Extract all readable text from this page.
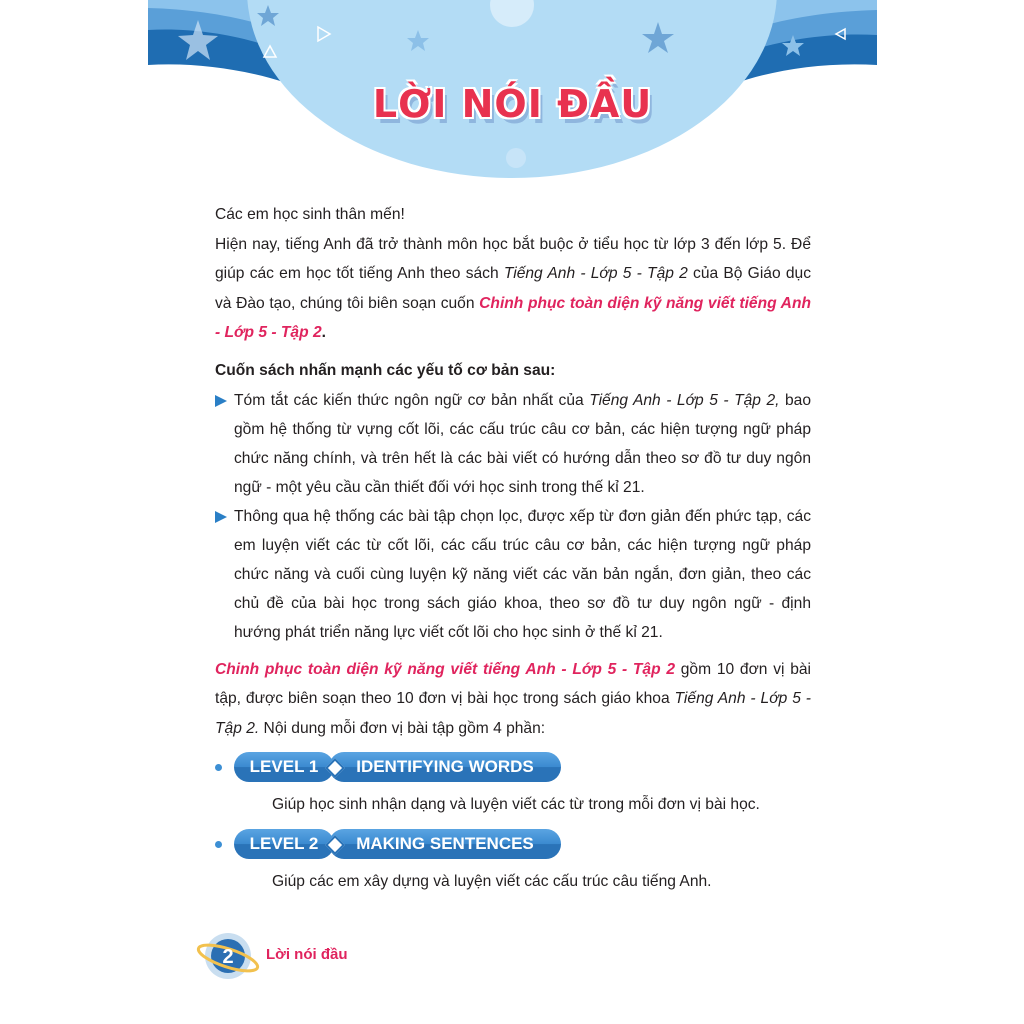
LỜI NÓI ĐẦU

Các em học sinh thân mến!

Hiện nay, tiếng Anh đã trở thành môn học bắt buộc ở tiểu học từ lớp 3 đến lớp 5. Để giúp các em học tốt tiếng Anh theo sách Tiếng Anh - Lớp 5 - Tập 2 của Bộ Giáo dục và Đào tạo, chúng tôi biên soạn cuốn Chinh phục toàn diện kỹ năng viết tiếng Anh - Lớp 5 - Tập 2.

Cuốn sách nhấn mạnh các yếu tố cơ bản sau:

Tóm tắt các kiến thức ngôn ngữ cơ bản nhất của Tiếng Anh - Lớp 5 - Tập 2, bao gồm hệ thống từ vựng cốt lõi, các cấu trúc câu cơ bản, các hiện tượng ngữ pháp chức năng chính, và trên hết là các bài viết có hướng dẫn theo sơ đồ tư duy ngôn ngữ - một yêu cầu cần thiết đối với học sinh trong thế kỉ 21.

Thông qua hệ thống các bài tập chọn lọc, được xếp từ đơn giản đến phức tạp, các em luyện viết các từ cốt lõi, các cấu trúc câu cơ bản, các hiện tượng ngữ pháp chức năng và cuối cùng luyện kỹ năng viết các văn bản ngắn, đơn giản, theo các chủ đề của bài học trong sách giáo khoa, theo sơ đồ tư duy ngôn ngữ - định hướng phát triển năng lực viết cốt lõi cho học sinh ở thế kỉ 21.

Chinh phục toàn diện kỹ năng viết tiếng Anh - Lớp 5 - Tập 2 gồm 10 đơn vị bài tập, được biên soạn theo 10 đơn vị bài học trong sách giáo khoa Tiếng Anh - Lớp 5 - Tập 2. Nội dung mỗi đơn vị bài tập gồm 4 phần:

LEVEL 1	IDENTIFYING WORDS

Giúp học sinh nhận dạng và luyện viết các từ trong mỗi đơn vị bài học.

LEVEL 2	MAKING SENTENCES

Giúp các em xây dựng và luyện viết các cấu trúc câu tiếng Anh.

2 Lời nói đầu
